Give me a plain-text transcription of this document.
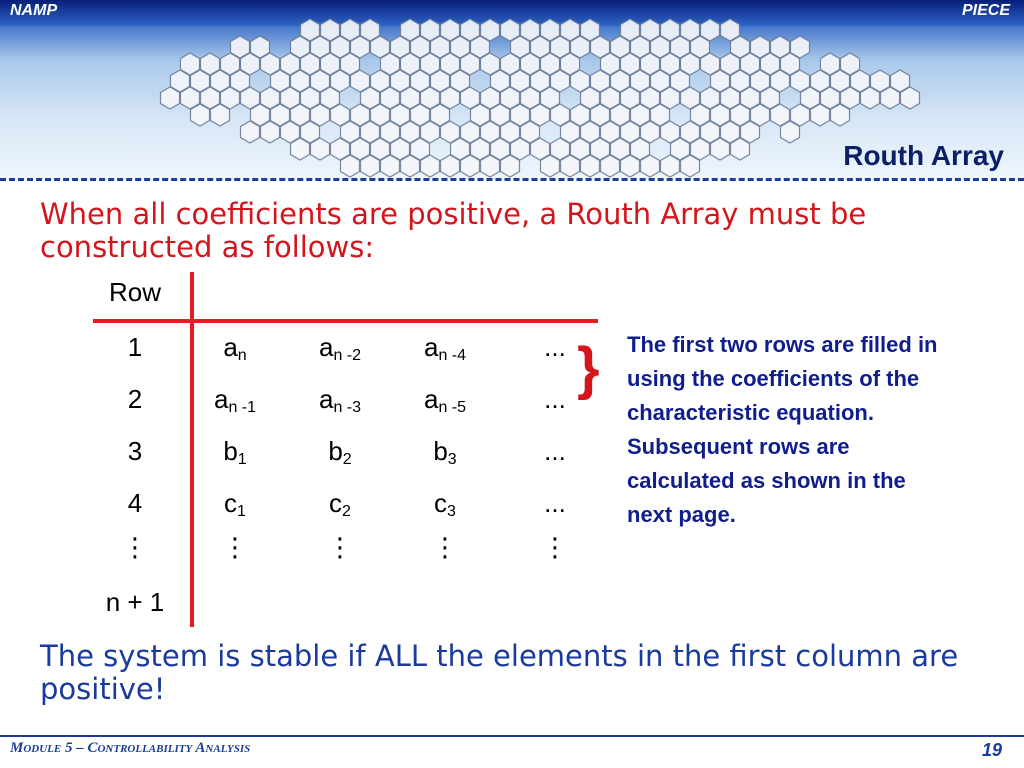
NAMP	PIECE
Routh Array
When all coefficients are positive, a Routh Array must be constructed as follows:
Row
1	$a_n$	$a_{n -2}$	$a_{n -4}$	...
2	$a_{n -1}$	$a_{n -3}$	$a_{n -5}$	...
3	$b_1$	$b_2$	$b_3$	...
4	$c_1$	$c_2$	$c_3$	...
⋮	⋮	⋮	⋮	⋮
n + 1
} The first two rows are filled in using the coefficients of the characteristic equation. Subsequent rows are calculated as shown in the next page.
The system is stable if ALL the elements in the first column are positive!
Module 5 – Controllability Analysis	19
